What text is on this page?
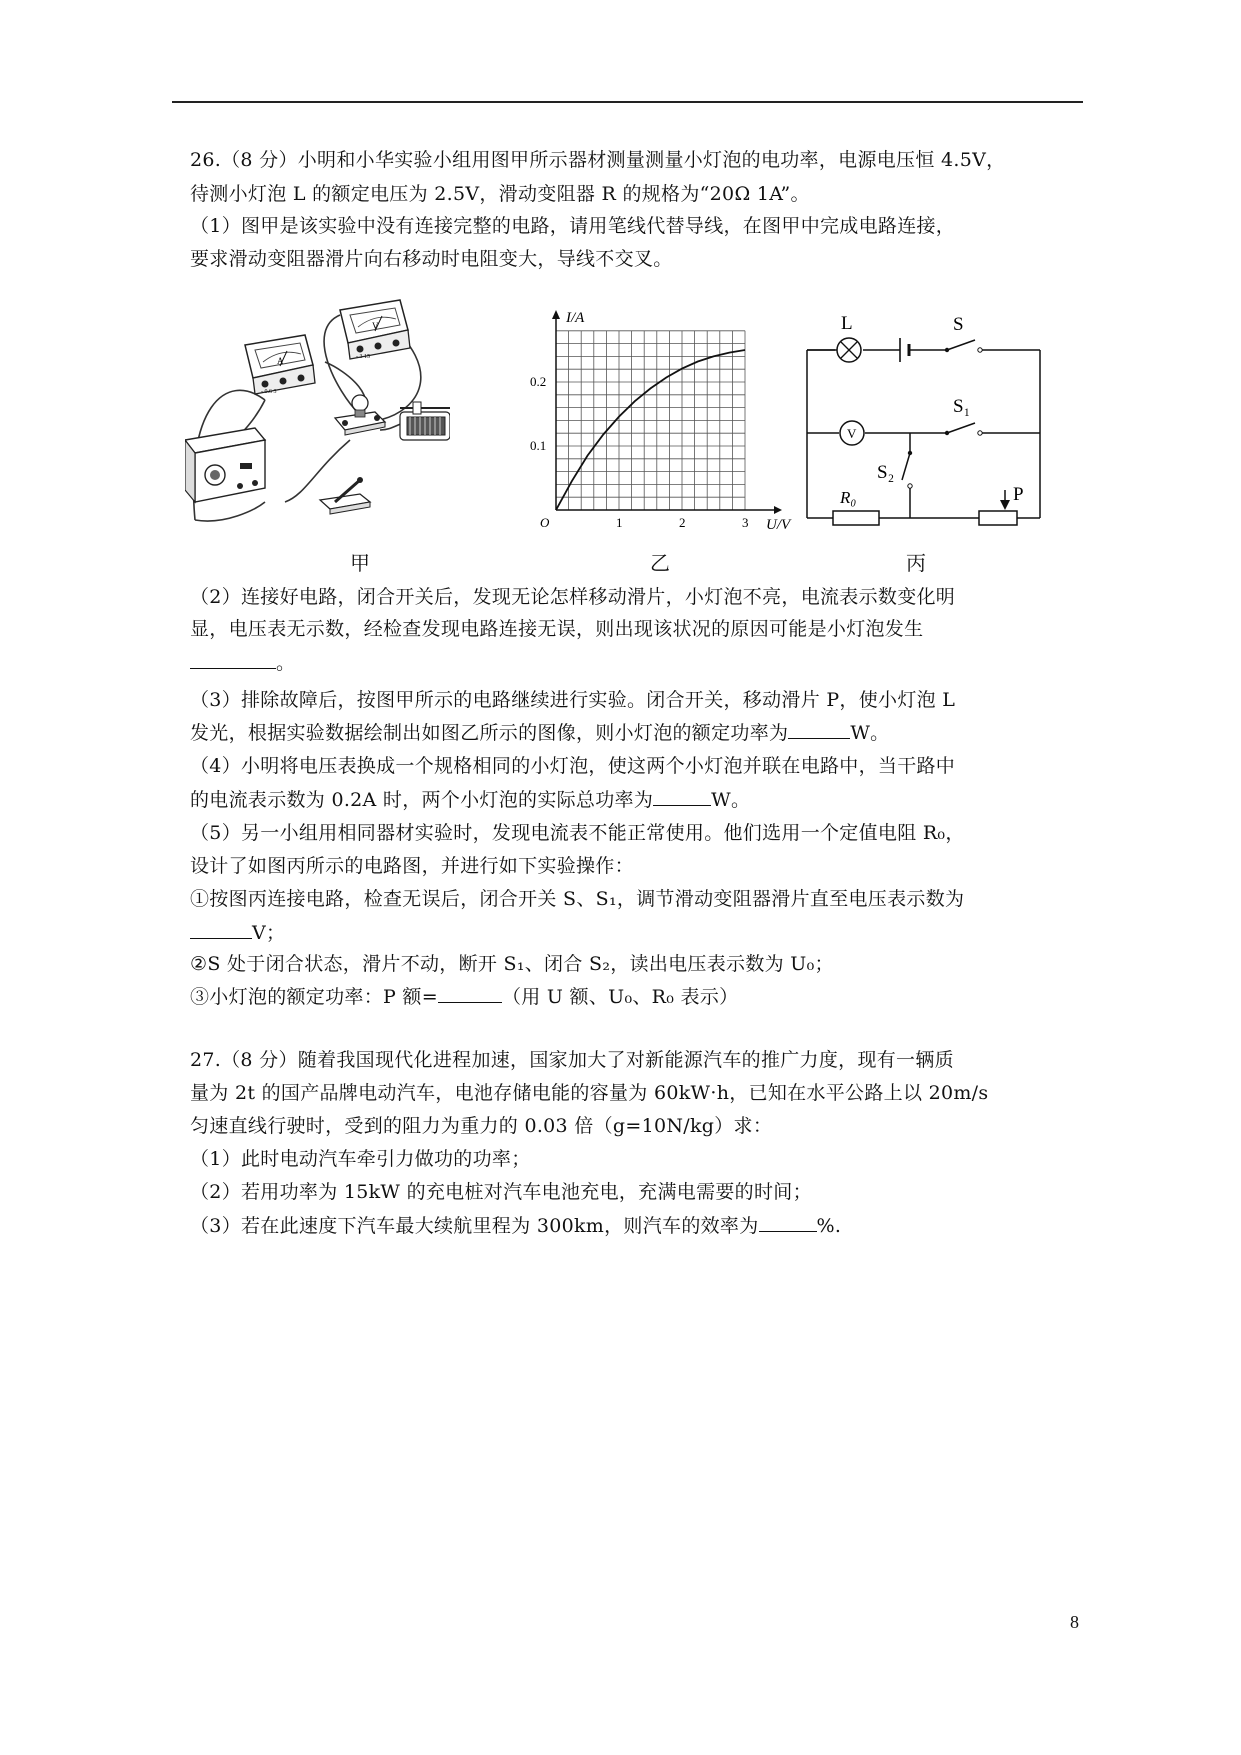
26.（8 分）小明和小华实验小组用图甲所示器材测量测量小灯泡的电功率，电源电压恒 4.5V，
待测小灯泡 L 的额定电压为 2.5V，滑动变阻器 R 的规格为“20Ω 1A”。
（1）图甲是该实验中没有连接完整的电路，请用笔线代替导线，在图甲中完成电路连接，
要求滑动变阻器滑片向右移动时电阻变大，导线不交叉。
A
- 0.6 3
V
- 3 15
I/A
U/V
O	1	2	3
0.1
0.2
V
L	S
S₁
S₂
R₀	P
甲	乙	丙
（2）连接好电路，闭合开关后，发现无论怎样移动滑片，小灯泡不亮，电流表示数变化明
显，电压表无示数，经检查发现电路连接无误，则出现该状况的原因可能是小灯泡发生
。
（3）排除故障后，按图甲所示的电路继续进行实验。闭合开关，移动滑片 P，使小灯泡 L
发光，根据实验数据绘制出如图乙所示的图像，则小灯泡的额定功率为	W。
（4）小明将电压表换成一个规格相同的小灯泡，使这两个小灯泡并联在电路中，当干路中
的电流表示数为 0.2A 时，两个小灯泡的实际总功率为	W。
（5）另一小组用相同器材实验时，发现电流表不能正常使用。他们选用一个定值电阻 R₀，
设计了如图丙所示的电路图，并进行如下实验操作：
①按图丙连接电路，检查无误后，闭合开关 S、S₁，调节滑动变阻器滑片直至电压表示数为
V；
②S 处于闭合状态，滑片不动，断开 S₁、闭合 S₂，读出电压表示数为 U₀；
③小灯泡的额定功率：P 额=	（用 U 额、U₀、R₀ 表示）
27.（8 分）随着我国现代化进程加速，国家加大了对新能源汽车的推广力度，现有一辆质
量为 2t 的国产品牌电动汽车，电池存储电能的容量为 60kW·h，已知在水平公路上以 20m/s
匀速直线行驶时，受到的阻力为重力的 0.03 倍（g=10N/kg）求：
（1）此时电动汽车牵引力做功的功率；
（2）若用功率为 15kW 的充电桩对汽车电池充电，充满电需要的时间；
（3）若在此速度下汽车最大续航里程为 300km，则汽车的效率为	%.
8
